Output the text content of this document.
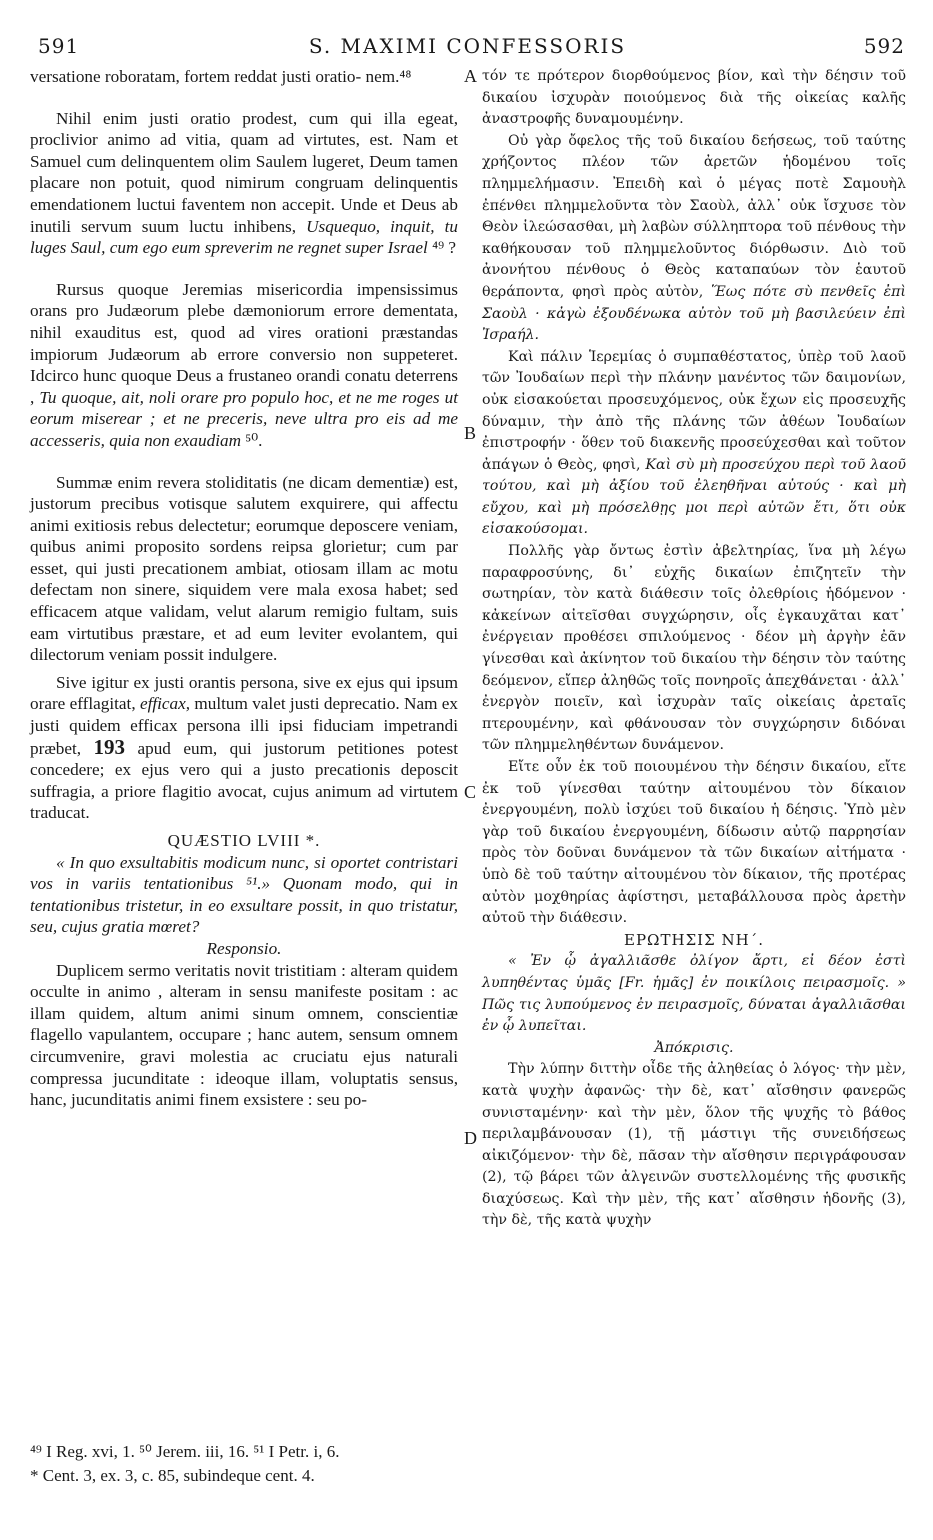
591	S. MAXIMI CONFESSORIS	592

versatione roboratam, fortem reddat justi oratio- nem.⁴⁸

Nihil enim justi oratio prodest, cum qui illa egeat, proclivior animo ad vitia, quam ad virtutes, est. Nam et Samuel cum delinquentem olim Saulem lugeret, Deum tamen placare non potuit, quod nimirum congruam delinquentis emendationem luctui faventem non accepit. Unde et Deus ab inutili servum suum luctu inhibens, Usquequo, inquit, tu luges Saul, cum ego eum spreverim ne regnet super Israel ⁴⁹ ?

Rursus quoque Jeremias misericordia impensissimus orans pro Judæorum plebe dæmoniorum errore dementata, nihil exauditus est, quod ad vires orationi præstandas impiorum Judæorum ab errore conversio non suppeteret. Idcirco hunc quoque Deus a frustaneo orandi conatu deterrens , Tu quoque, ait, noli orare pro populo hoc, et ne me roges ut eorum miserear ; et ne preceris, neve ultra pro eis ad me accesseris, quia non exaudiam ⁵⁰.

Summæ enim revera stoliditatis (ne dicam dementiæ) est, justorum precibus votisque salutem exquirere, qui affectu animi exitiosis rebus delectetur; eorumque deposcere veniam, quibus animi proposito sordens reipsa glorietur; cum par esset, qui justi precationem ambiat, otiosam illam ac motu defectam non sinere, siquidem vere mala exosa habet; sed efficacem atque validam, velut alarum remigio fultam, suis eam virtutibus præstare, et ad eum leviter evolantem, qui dilectorum veniam possit indulgere.

Sive igitur ex justi orantis persona, sive ex ejus qui ipsum orare efflagitat, efficax, multum valet justi deprecatio. Nam ex justi quidem efficax persona illi ipsi fiduciam impetrandi præbet, 193 apud eum, qui justorum petitiones potest concedere; ex ejus vero qui a justo precationis deposcit suffragia, a priore flagitio avocat, cujus animum ad virtutem traducat.

QUÆSTIO LVIII *.

« In quo exsultabitis modicum nunc, si oportet contristari vos in variis tentationibus ⁵¹.» Quonam modo, qui in tentationibus tristetur, in eo exsultare possit, in quo tristatur, seu, cujus gratia mœret?

Responsio.

Duplicem sermo veritatis novit tristitiam : alteram quidem occulte in animo , alteram in sensu manifeste positam : ac illam quidem, altum animi sinum omnem, conscientiæ flagello vapulantem, occupare ; hanc autem, sensum omnem circumvenire, gravi molestia ac cruciatu ejus naturali compressa jucunditate : ideoque illam, voluptatis sensus, hanc, jucunditatis animi finem exsistere : seu po-

τόν τε πρότερον διορθούμενος βίον, καὶ τὴν δέησιν τοῦ δικαίου ἰσχυρὰν ποιούμενος διὰ τῆς οἰκείας καλῆς ἀναστροφῆς δυναμουμένην.

Οὐ γὰρ ὄφελος τῆς τοῦ δικαίου δεήσεως, τοῦ ταύτης χρήζοντος πλέον τῶν ἀρετῶν ἡδομένου τοῖς πλημμελήμασιν. Ἐπειδὴ καὶ ὁ μέγας ποτὲ Σαμουὴλ ἐπένθει πλημμελοῦντα τὸν Σαοὺλ, ἀλλ᾽ οὐκ ἴσχυσε τὸν Θεὸν ἱλεώσασθαι, μὴ λαβὼν σύλληπτορα τοῦ πένθους τὴν καθήκουσαν τοῦ πλημμελοῦντος διόρθωσιν. Διὸ τοῦ ἀνονήτου πένθους ὁ Θεὸς καταπαύων τὸν ἑαυτοῦ θεράποντα, φησὶ πρὸς αὐτὸν, Ἕως πότε σὺ πενθεῖς ἐπὶ Σαοὺλ · κἀγὼ ἐξουδένωκα αὐτὸν τοῦ μὴ βασιλεύειν ἐπὶ Ἰσραήλ.

Καὶ πάλιν Ἱερεμίας ὁ συμπαθέστατος, ὑπὲρ τοῦ λαοῦ τῶν Ἰουδαίων περὶ τὴν πλάνην μανέντος τῶν δαιμονίων, οὐκ εἰσακούεται προσευχόμενος, οὐκ ἔχων εἰς προσευχῆς δύναμιν, τὴν ἀπὸ τῆς πλάνης τῶν ἀθέων Ἰουδαίων ἐπιστροφήν · ὅθεν τοῦ διακενῆς προσεύχεσθαι καὶ τοῦτον ἀπάγων ὁ Θεὸς, φησὶ, Καὶ σὺ μὴ προσεύχου περὶ τοῦ λαοῦ τούτου, καὶ μὴ ἀξίου τοῦ ἐλεηθῆναι αὐτούς · καὶ μὴ εὔχου, καὶ μὴ πρόσελθῃς μοι περὶ αὐτῶν ἔτι, ὅτι οὐκ εἰσακούσομαι.

Πολλῆς γὰρ ὄντως ἐστὶν ἀβελτηρίας, ἵνα μὴ λέγω παραφροσύνης, δι᾽ εὐχῆς δικαίων ἐπιζητεῖν τὴν σωτηρίαν, τὸν κατὰ διάθεσιν τοῖς ὀλεθρίοις ἡδόμενον · κἀκείνων αἰτεῖσθαι συγχώρησιν, οἷς ἐγκαυχᾶται κατ᾽ ἐνέργειαν προθέσει σπιλούμενος · δέον μὴ ἀργὴν ἐᾶν γίνεσθαι καὶ ἀκίνητον τοῦ δικαίου τὴν δέησιν τὸν ταύτης δεόμενον, εἴπερ ἀληθῶς τοῖς πονηροῖς ἀπεχθάνεται · ἀλλ᾽ ἐνεργὸν ποιεῖν, καὶ ἰσχυρὰν ταῖς οἰκείαις ἀρεταῖς πτερουμένην, καὶ φθάνουσαν τὸν συγχώρησιν διδόναι τῶν πλημμεληθέντων δυνάμενον.

Εἴτε οὖν ἐκ τοῦ ποιουμένου τὴν δέησιν δικαίου, εἴτε ἐκ τοῦ γίνεσθαι ταύτην αἰτουμένου τὸν δίκαιον ἐνεργουμένη, πολὺ ἰσχύει τοῦ δικαίου ἡ δέησις. Ὑπὸ μὲν γὰρ τοῦ δικαίου ἐνεργουμένη, δίδωσιν αὐτῷ παρρησίαν πρὸς τὸν δοῦναι δυνάμενον τὰ τῶν δικαίων αἰτήματα · ὑπὸ δὲ τοῦ ταύτην αἰτουμένου τὸν δίκαιον, τῆς προτέρας αὐτὸν μοχθηρίας ἀφίστησι, μεταβάλλουσα πρὸς ἀρετὴν αὐτοῦ τὴν διάθεσιν.

ΕΡΩΤΗΣΙΣ ΝΗ΄.

« Ἐν ᾧ ἀγαλλιᾶσθε ὀλίγον ἄρτι, εἰ δέον ἐστὶ λυπηθέντας ὑμᾶς [Fr. ἡμᾶς] ἐν ποικίλοις πειρασμοῖς. » Πῶς τις λυπούμενος ἐν πειρασμοῖς, δύναται ἀγαλλιᾶσθαι ἐν ᾧ λυπεῖται.

Ἀπόκρισις.

Τὴν λύπην διττὴν οἶδε τῆς ἀληθείας ὁ λόγος· τὴν μὲν, κατὰ ψυχὴν ἀφανῶς· τὴν δὲ, κατ᾽ αἴσθησιν φανερῶς συνισταμένην· καὶ τὴν μὲν, ὅλον τῆς ψυχῆς τὸ βάθος περιλαμβάνουσαν (1), τῇ μάστιγι τῆς συνειδήσεως αἰκιζόμενον· τὴν δὲ, πᾶσαν τὴν αἴσθησιν περιγράφουσαν (2), τῷ βάρει τῶν ἀλγεινῶν συστελλομένης τῆς φυσικῆς διαχύσεως. Καὶ τὴν μὲν, τῆς κατ᾽ αἴσθησιν ἡδονῆς (3), τὴν δὲ, τῆς κατὰ ψυχὴν

A
B
C
D

⁴⁹ I Reg. xvi, 1. ⁵⁰ Jerem. iii, 16. ⁵¹ I Petr. i, 6.

* Cent. 3, ex. 3, c. 85, subindeque cent. 4.
